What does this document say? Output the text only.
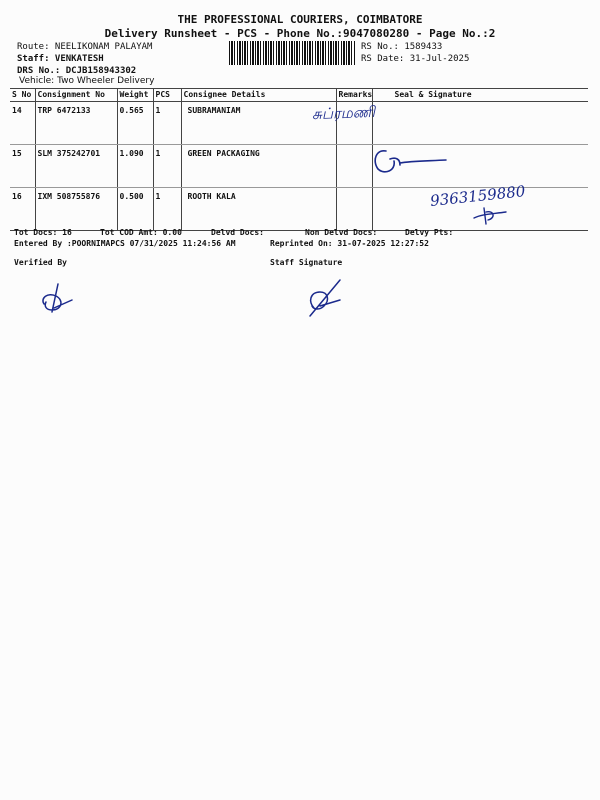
THE PROFESSIONAL COURIERS, COIMBATORE
Delivery Runsheet - PCS - Phone No.:9047080280 - Page No.:2
Route: NEELIKONAM PALAYAM
Staff: VENKATESH
DRS No.: DCJB158943302
Vehicle: Two Wheeler Delivery
RS No.: 1589433
RS Date: 31-Jul-2025
S No	Consignment No	Weight	PCS	Consignee Details	Remarks	Seal & Signature
14	TRP 6472133	0.565	1	SUBRAMANIAM		
15	SLM 375242701	1.090	1	GREEN PACKAGING		
16	IXM 508755876	0.500	1	ROOTH KALA		
சுப்ரமணி
9363159880
Tot Docs: 16	Tot COD Amt: 0.00	Delvd Docs:	Non Delvd Docs:	Delvy Pts:
Entered By :POORNIMAPCS 07/31/2025 11:24:56 AM	Reprinted On: 31-07-2025 12:27:52
Verified By	Staff Signature
